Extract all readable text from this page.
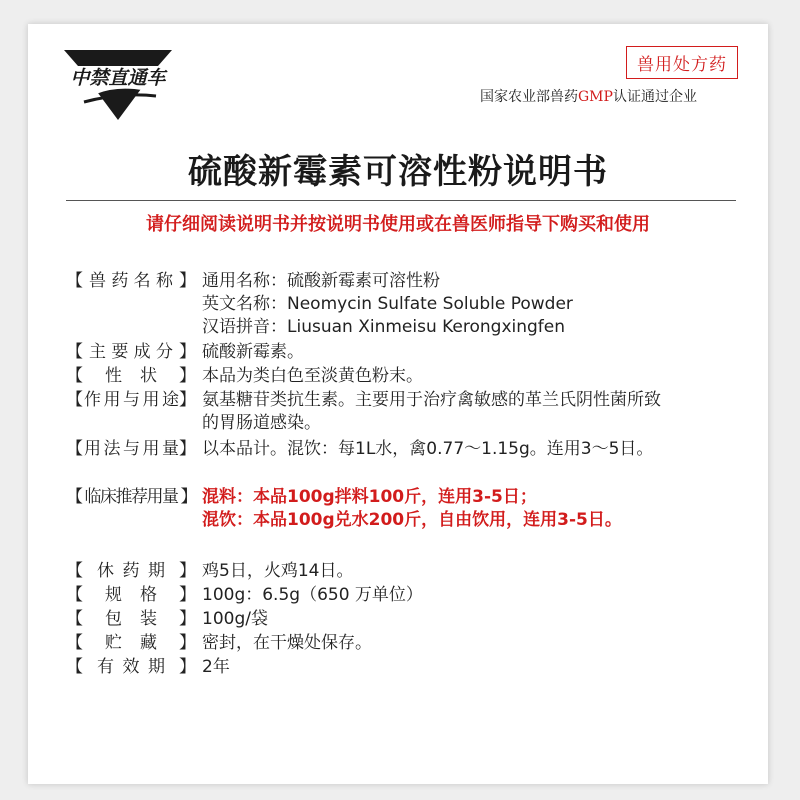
中禁直通车
兽用处方药
国家农业部兽药GMP认证通过企业
硫酸新霉素可溶性粉说明书
请仔细阅读说明书并按说明书使用或在兽医师指导下购买和使用
【 兽 药 名 称 】 通用名称：硫酸新霉素可溶性粉
英文名称：Neomycin Sulfate Soluble Powder
汉语拼音：Liusuan Xinmeisu Kerongxingfen
【 主 要 成 分 】 硫酸新霉素。
【 性 状 】 本品为类白色至淡黄色粉末。
【 作 用 与 用 途 】 氨基糖苷类抗生素。主要用于治疗禽敏感的革兰氏阴性菌所致
的胃肠道感染。
【 用 法 与 用 量 】 以本品计。混饮：每1L水，禽0.77～1.15g。连用3～5日。
【 临床推荐用量 】 混料：本品100g拌料100斤，连用3-5日；
混饮：本品100g兑水200斤，自由饮用，连用3-5日。
【 休 药 期 】 鸡5日，火鸡14日。
【 规 格 】 100g：6.5g（650 万单位）
【 包 装 】 100g/袋
【 贮 藏 】 密封，在干燥处保存。
【 有 效 期 】 2年
